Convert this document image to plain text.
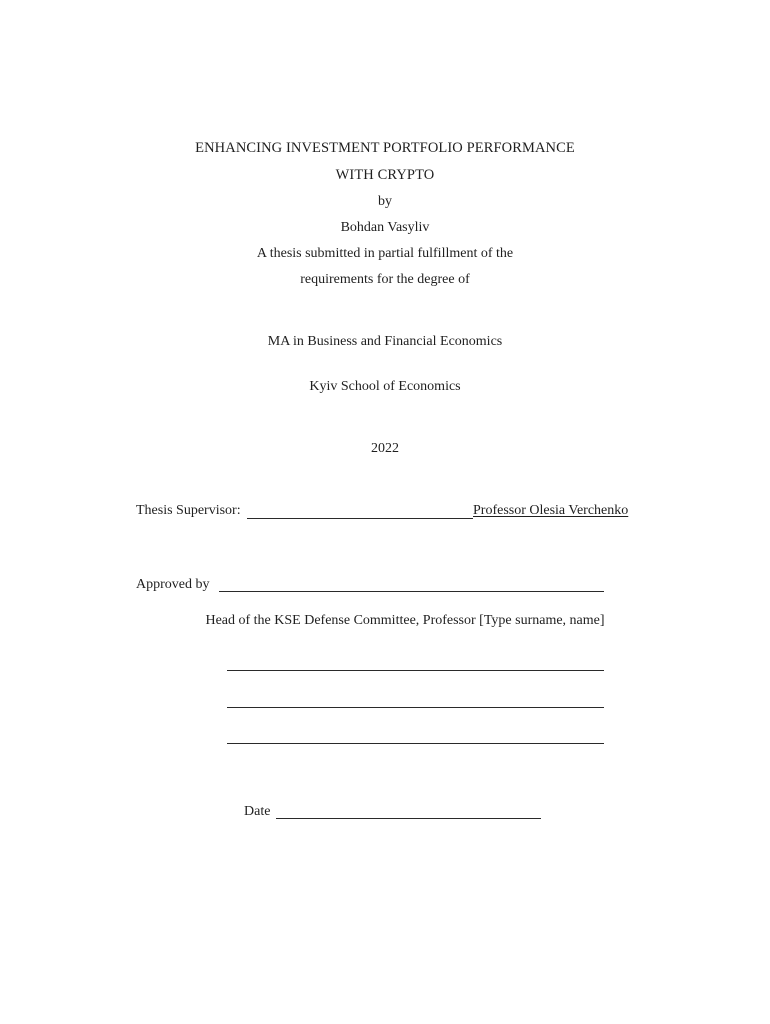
ENHANCING INVESTMENT PORTFOLIO PERFORMANCE
WITH CRYPTO
by
Bohdan Vasyliv
A thesis submitted in partial fulfillment of the
requirements for the degree of
MA in Business and Financial Economics
Kyiv School of Economics
2022
Thesis Supervisor:	Professor Olesia Verchenko
Approved by
Head of the KSE Defense Committee, Professor [Type surname, name]
Date
